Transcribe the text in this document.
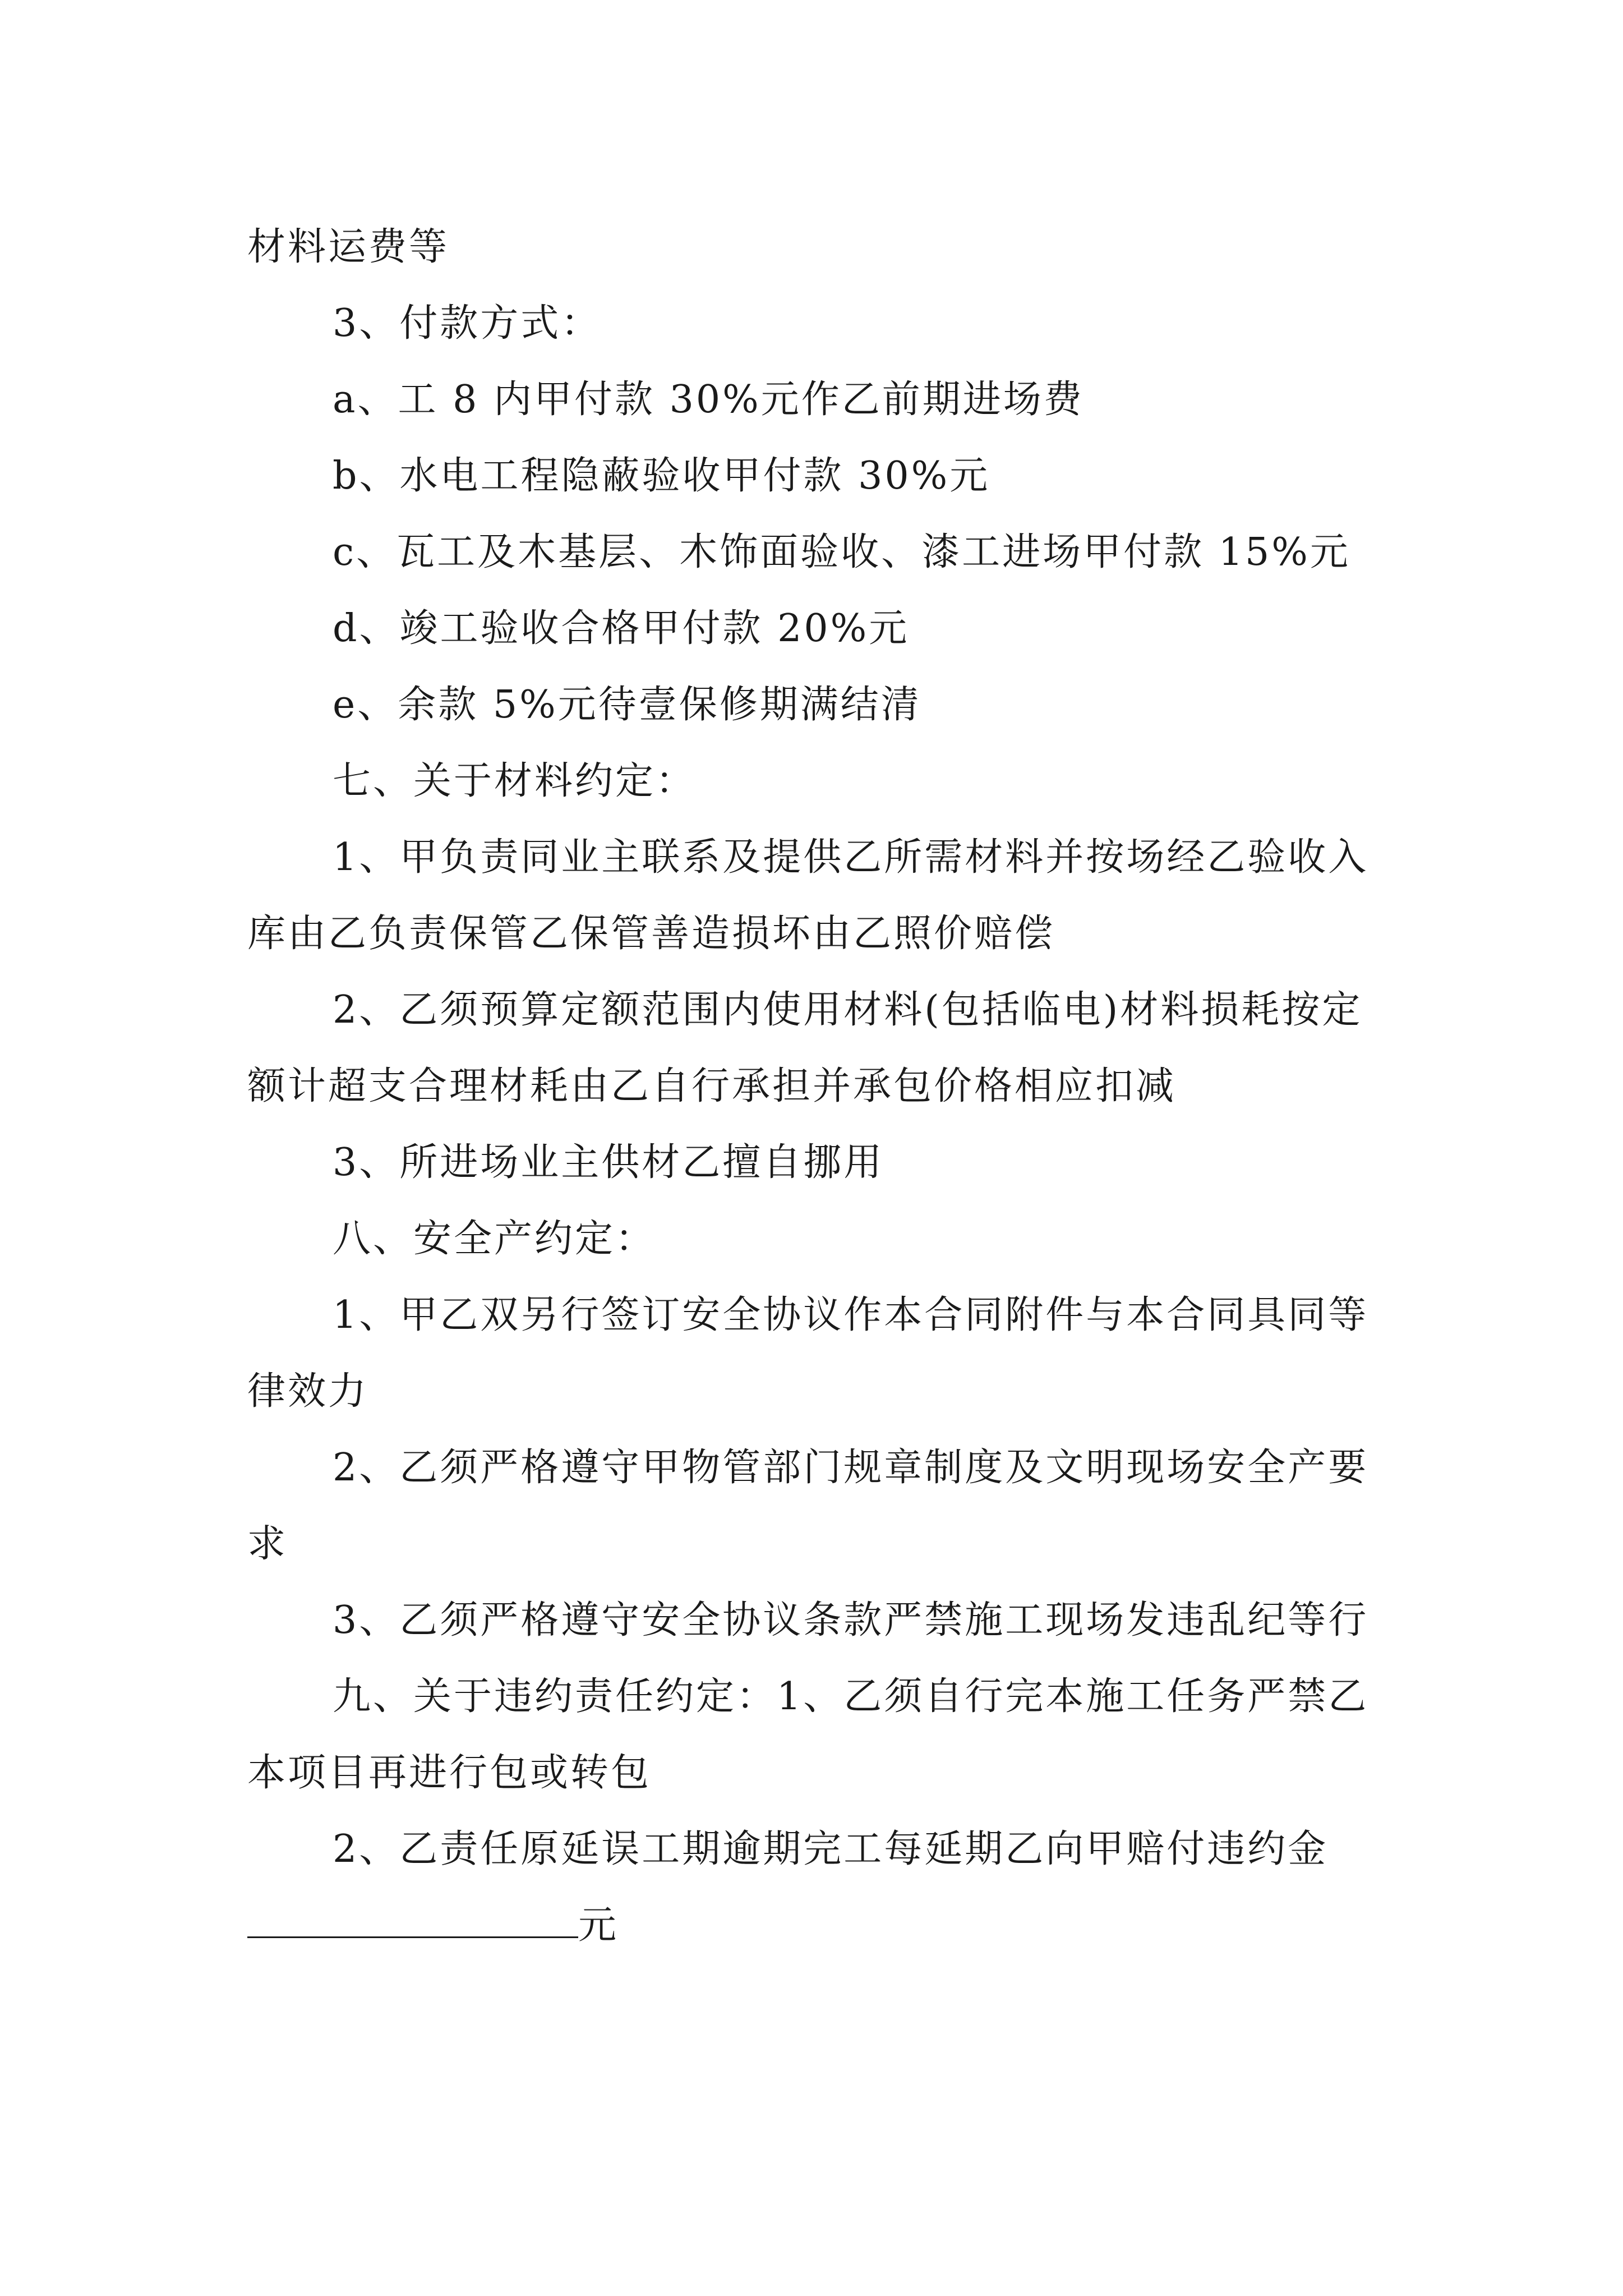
材料运费等

3、付款方式：

a、工 8 内甲付款 30%元作乙前期进场费

b、水电工程隐蔽验收甲付款 30%元

c、瓦工及木基层、木饰面验收、漆工进场甲付款 15%元

d、竣工验收合格甲付款 20%元

e、余款 5%元待壹保修期满结清

七、关于材料约定：

1、甲负责同业主联系及提供乙所需材料并按场经乙验收入库由乙负责保管乙保管善造损坏由乙照价赔偿

2、乙须预算定额范围内使用材料(包括临电)材料损耗按定额计超支合理材耗由乙自行承担并承包价格相应扣减

3、所进场业主供材乙擅自挪用

八、安全产约定：

1、甲乙双另行签订安全协议作本合同附件与本合同具同等律效力

2、乙须严格遵守甲物管部门规章制度及文明现场安全产要求

3、乙须严格遵守安全协议条款严禁施工现场发违乱纪等行

九、关于违约责任约定：1、乙须自行完本施工任务严禁乙本项目再进行包或转包

2、乙责任原延误工期逾期完工每延期乙向甲赔付违约金元
